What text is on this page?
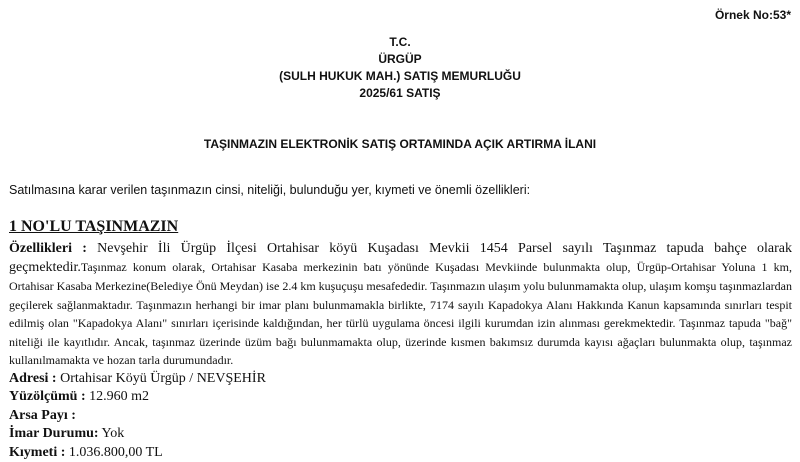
Örnek No:53*
T.C.
ÜRGÜP
(SULH HUKUK MAH.) SATIŞ MEMURLUĞU
2025/61 SATIŞ
TAŞINMAZIN ELEKTRONİK SATIŞ ORTAMINDA AÇIK ARTIRMA İLANI
Satılmasına karar verilen taşınmazın cinsi, niteliği, bulunduğu yer, kıymeti ve önemli özellikleri:
1 NO'LU TAŞINMAZIN

Özellikleri : Nevşehir İli Ürgüp İlçesi Ortahisar köyü Kuşadası Mevkii 1454 Parsel sayılı Taşınmaz tapuda bahçe olarak geçmektedir.Taşınmaz konum olarak, Ortahisar Kasaba merkezinin batı yönünde Kuşadası Mevkiinde bulunmakta olup, Ürgüp-Ortahisar Yoluna 1 km, Ortahisar Kasaba Merkezine(Belediye Önü Meydan) ise 2.4 km kuşuçuşu mesafededir. Taşınmazın ulaşım yolu bulunmamakta olup, ulaşım komşu taşınmazlardan geçilerek sağlanmaktadır. Taşınmazın herhangi bir imar planı bulunmamakla birlikte, 7174 sayılı Kapadokya Alanı Hakkında Kanun kapsamında sınırları tespit edilmiş olan "Kapadokya Alanı" sınırları içerisinde kaldığından, her türlü uygulama öncesi ilgili kurumdan izin alınması gerekmektedir. Taşınmaz tapuda "bağ" niteliği ile kayıtlıdır. Ancak, taşınmaz üzerinde üzüm bağı bulunmamakta olup, üzerinde kısmen bakımsız durumda kayısı ağaçları bulunmakta olup, taşınmaz kullanılmamakta ve hozan tarla durumundadır.

Adresi : Ortahisar Köyü Ürgüp / NEVŞEHİR

Yüzölçümü : 12.960 m2

Arsa Payı :

İmar Durumu: Yok

Kıymeti : 1.036.800,00 TL
